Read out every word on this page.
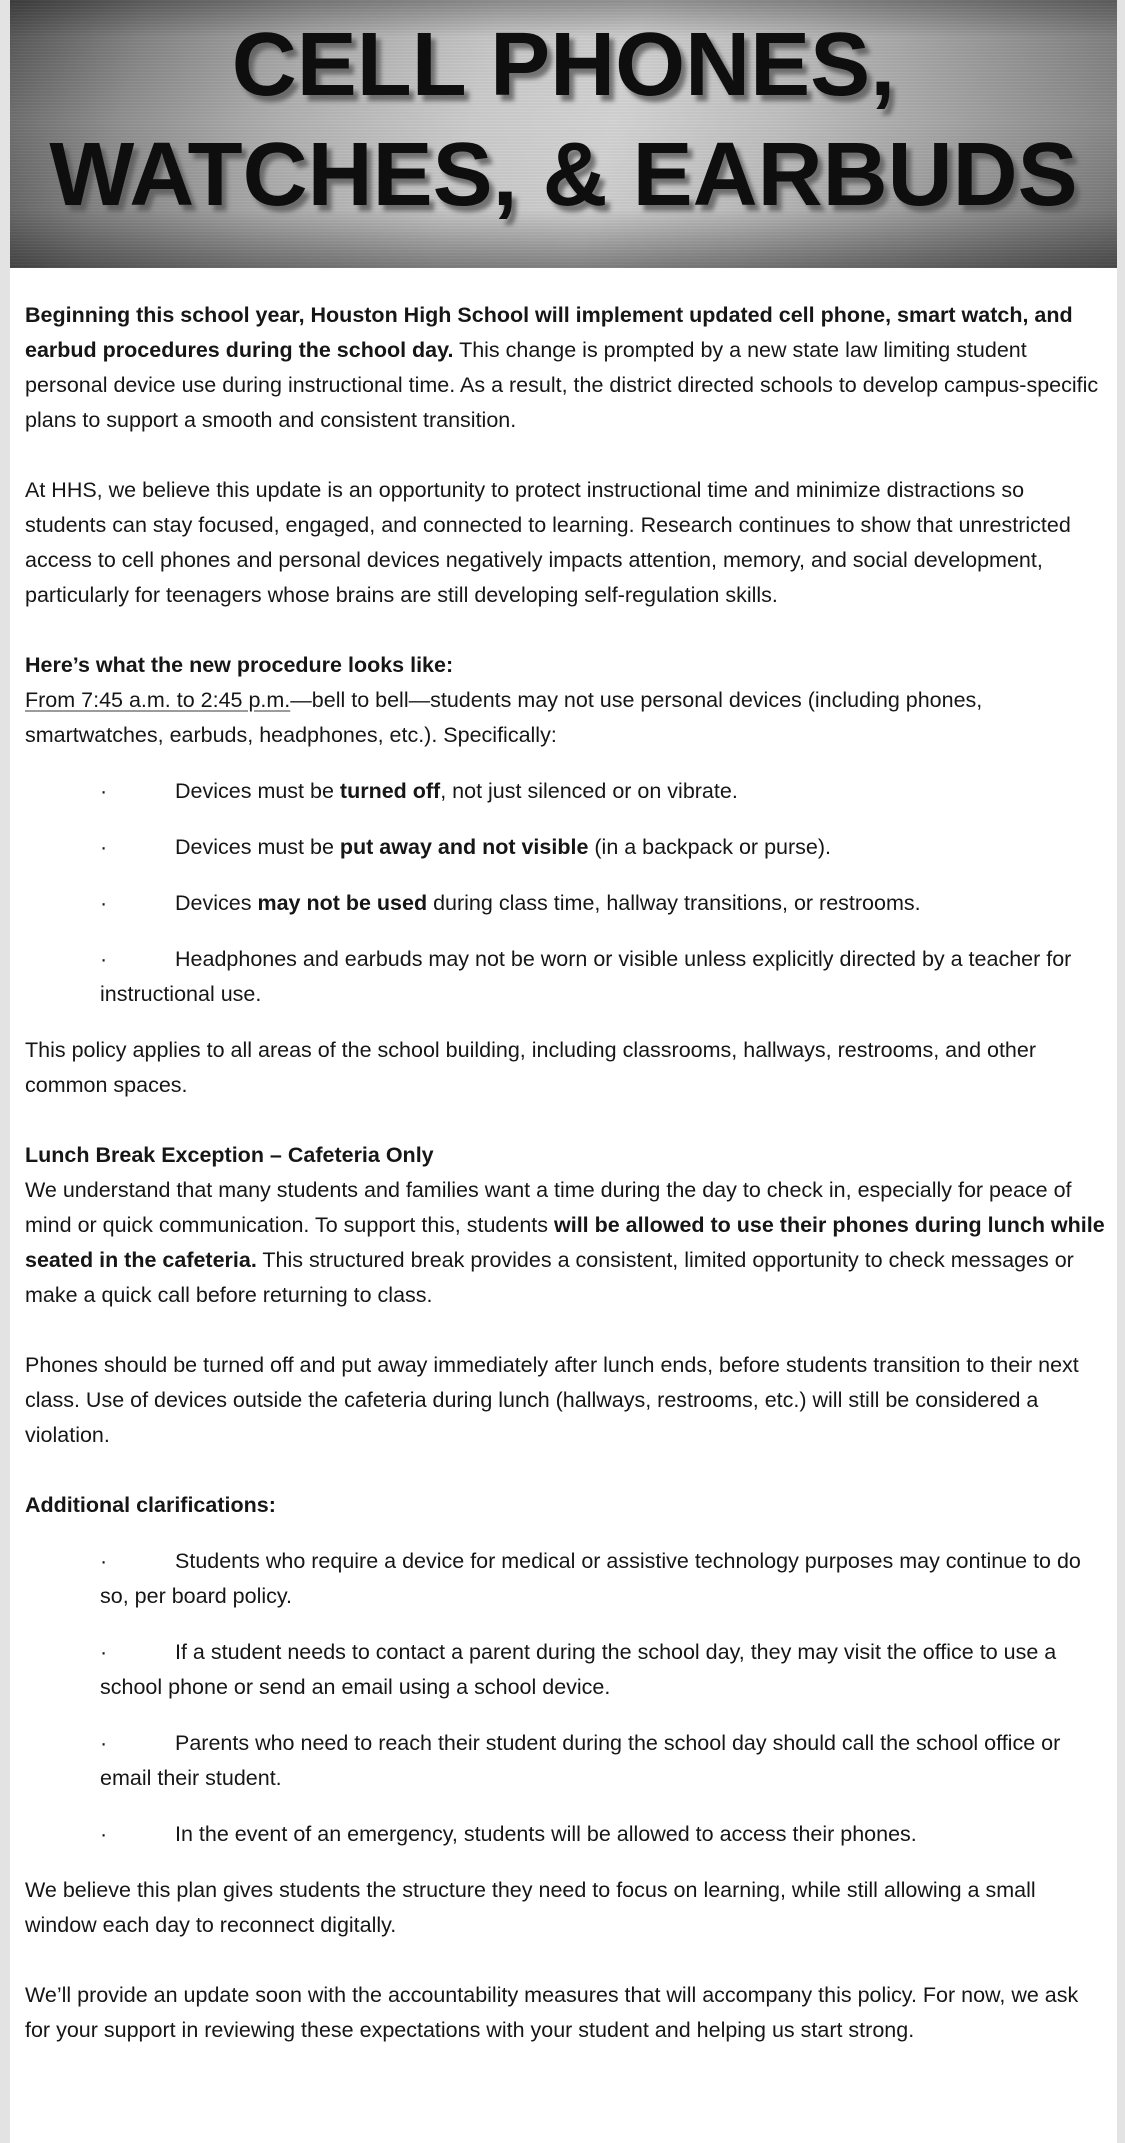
CELL PHONES,
WATCHES, & EARBUDS
Beginning this school year, Houston High School will implement updated cell phone, smart watch, and earbud procedures during the school day. This change is prompted by a new state law limiting student personal device use during instructional time. As a result, the district directed schools to develop campus-specific plans to support a smooth and consistent transition.
At HHS, we believe this update is an opportunity to protect instructional time and minimize distractions so students can stay focused, engaged, and connected to learning. Research continues to show that unrestricted access to cell phones and personal devices negatively impacts attention, memory, and social development, particularly for teenagers whose brains are still developing self-regulation skills.
Here’s what the new procedure looks like:
From 7:45 a.m. to 2:45 p.m.—bell to bell—students may not use personal devices (including phones, smartwatches, earbuds, headphones, etc.). Specifically:
·	Devices must be turned off, not just silenced or on vibrate.
·	Devices must be put away and not visible (in a backpack or purse).
·	Devices may not be used during class time, hallway transitions, or restrooms.
·	Headphones and earbuds may not be worn or visible unless explicitly directed by a teacher for instructional use.
This policy applies to all areas of the school building, including classrooms, hallways, restrooms, and other common spaces.
Lunch Break Exception – Cafeteria Only
We understand that many students and families want a time during the day to check in, especially for peace of mind or quick communication. To support this, students will be allowed to use their phones during lunch while seated in the cafeteria. This structured break provides a consistent, limited opportunity to check messages or make a quick call before returning to class.
Phones should be turned off and put away immediately after lunch ends, before students transition to their next class. Use of devices outside the cafeteria during lunch (hallways, restrooms, etc.) will still be considered a violation.
Additional clarifications:
·	Students who require a device for medical or assistive technology purposes may continue to do so, per board policy.
·	If a student needs to contact a parent during the school day, they may visit the office to use a school phone or send an email using a school device.
·	Parents who need to reach their student during the school day should call the school office or email their student.
·	In the event of an emergency, students will be allowed to access their phones.
We believe this plan gives students the structure they need to focus on learning, while still allowing a small window each day to reconnect digitally.
We’ll provide an update soon with the accountability measures that will accompany this policy. For now, we ask for your support in reviewing these expectations with your student and helping us start strong.
